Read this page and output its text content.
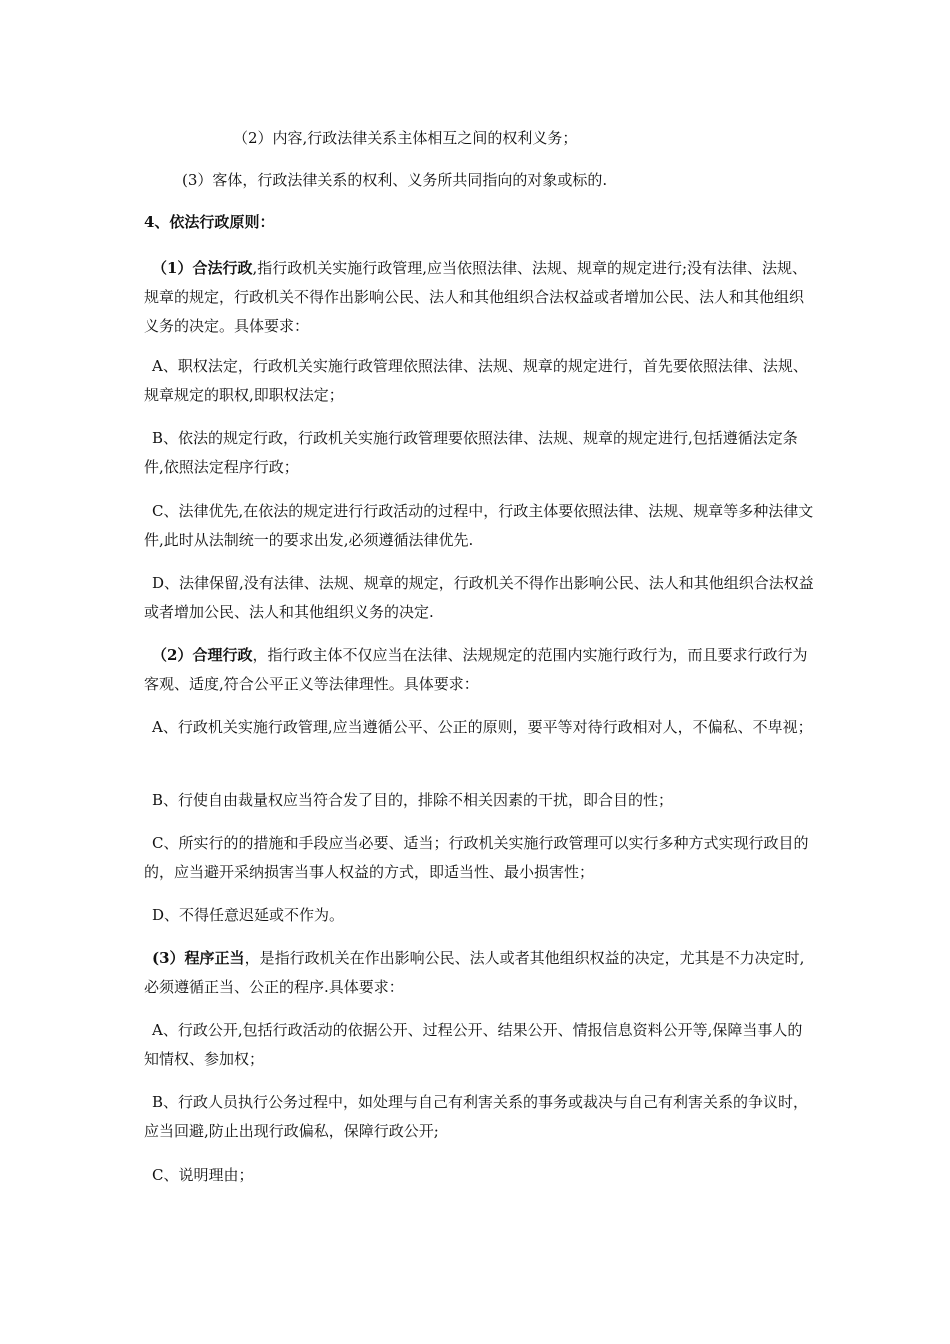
（2）内容,行政法律关系主体相互之间的权利义务；
(3）客体，行政法律关系的权利、义务所共同指向的对象或标的.
4、依法行政原则：
（1）合法行政,指行政机关实施行政管理,应当依照法律、法规、规章的规定进行;没有法律、法规、规章的规定，行政机关不得作出影响公民、法人和其他组织合法权益或者增加公民、法人和其他组织义务的决定。具体要求：
A、职权法定，行政机关实施行政管理依照法律、法规、规章的规定进行，首先要依照法律、法规、规章规定的职权,即职权法定；
B、依法的规定行政，行政机关实施行政管理要依照法律、法规、规章的规定进行,包括遵循法定条件,依照法定程序行政；
C、法律优先,在依法的规定进行行政活动的过程中，行政主体要依照法律、法规、规章等多种法律文件,此时从法制统一的要求出发,必须遵循法律优先.
D、法律保留,没有法律、法规、规章的规定，行政机关不得作出影响公民、法人和其他组织合法权益或者增加公民、法人和其他组织义务的决定.
（2）合理行政，指行政主体不仅应当在法律、法规规定的范围内实施行政行为，而且要求行政行为客观、适度,符合公平正义等法律理性。具体要求：
A、行政机关实施行政管理,应当遵循公平、公正的原则，要平等对待行政相对人，不偏私、不卑视；
B、行使自由裁量权应当符合发了目的，排除不相关因素的干扰，即合目的性；
C、所实行的的措施和手段应当必要、适当；行政机关实施行政管理可以实行多种方式实现行政目的的，应当避开采纳损害当事人权益的方式，即适当性、最小损害性；
D、不得任意迟延或不作为。
(3）程序正当，是指行政机关在作出影响公民、法人或者其他组织权益的决定，尤其是不力决定时,必须遵循正当、公正的程序.具体要求：
A、行政公开,包括行政活动的依据公开、过程公开、结果公开、情报信息资料公开等,保障当事人的知情权、参加权；
B、行政人员执行公务过程中，如处理与自己有利害关系的事务或裁决与自己有利害关系的争议时，应当回避,防止出现行政偏私，保障行政公开;
C、说明理由；
